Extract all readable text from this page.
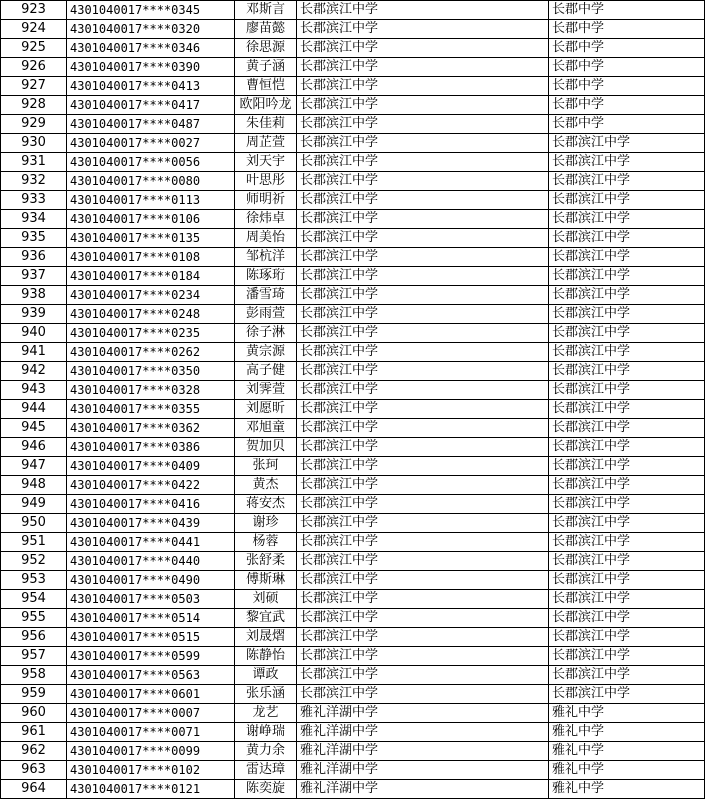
923	4301040017****0345	邓斯言	长郡滨江中学	长郡中学
924	4301040017****0320	廖苗懿	长郡滨江中学	长郡中学
925	4301040017****0346	徐思源	长郡滨江中学	长郡中学
926	4301040017****0390	黄子涵	长郡滨江中学	长郡中学
927	4301040017****0413	曹恒恺	长郡滨江中学	长郡中学
928	4301040017****0417	欧阳吟龙	长郡滨江中学	长郡中学
929	4301040017****0487	朱佳莉	长郡滨江中学	长郡中学
930	4301040017****0027	周芷萱	长郡滨江中学	长郡滨江中学
931	4301040017****0056	刘天宇	长郡滨江中学	长郡滨江中学
932	4301040017****0080	叶思彤	长郡滨江中学	长郡滨江中学
933	4301040017****0113	师明祈	长郡滨江中学	长郡滨江中学
934	4301040017****0106	徐炜卓	长郡滨江中学	长郡滨江中学
935	4301040017****0135	周美怡	长郡滨江中学	长郡滨江中学
936	4301040017****0108	邹杭洋	长郡滨江中学	长郡滨江中学
937	4301040017****0184	陈琢珩	长郡滨江中学	长郡滨江中学
938	4301040017****0234	潘雪琦	长郡滨江中学	长郡滨江中学
939	4301040017****0248	彭雨萱	长郡滨江中学	长郡滨江中学
940	4301040017****0235	徐子淋	长郡滨江中学	长郡滨江中学
941	4301040017****0262	黄宗源	长郡滨江中学	长郡滨江中学
942	4301040017****0350	高子健	长郡滨江中学	长郡滨江中学
943	4301040017****0328	刘霁萱	长郡滨江中学	长郡滨江中学
944	4301040017****0355	刘愿昕	长郡滨江中学	长郡滨江中学
945	4301040017****0362	邓旭童	长郡滨江中学	长郡滨江中学
946	4301040017****0386	贺加贝	长郡滨江中学	长郡滨江中学
947	4301040017****0409	张珂	长郡滨江中学	长郡滨江中学
948	4301040017****0422	黄杰	长郡滨江中学	长郡滨江中学
949	4301040017****0416	蒋安杰	长郡滨江中学	长郡滨江中学
950	4301040017****0439	谢珍	长郡滨江中学	长郡滨江中学
951	4301040017****0441	杨蓉	长郡滨江中学	长郡滨江中学
952	4301040017****0440	张舒柔	长郡滨江中学	长郡滨江中学
953	4301040017****0490	傅斯琳	长郡滨江中学	长郡滨江中学
954	4301040017****0503	刘硕	长郡滨江中学	长郡滨江中学
955	4301040017****0514	黎宜武	长郡滨江中学	长郡滨江中学
956	4301040017****0515	刘晟熠	长郡滨江中学	长郡滨江中学
957	4301040017****0599	陈静怡	长郡滨江中学	长郡滨江中学
958	4301040017****0563	谭政	长郡滨江中学	长郡滨江中学
959	4301040017****0601	张乐涵	长郡滨江中学	长郡滨江中学
960	4301040017****0007	龙艺	雅礼洋湖中学	雅礼中学
961	4301040017****0071	谢峥瑞	雅礼洋湖中学	雅礼中学
962	4301040017****0099	黄力余	雅礼洋湖中学	雅礼中学
963	4301040017****0102	雷达璋	雅礼洋湖中学	雅礼中学
964	4301040017****0121	陈奕旋	雅礼洋湖中学	雅礼中学
